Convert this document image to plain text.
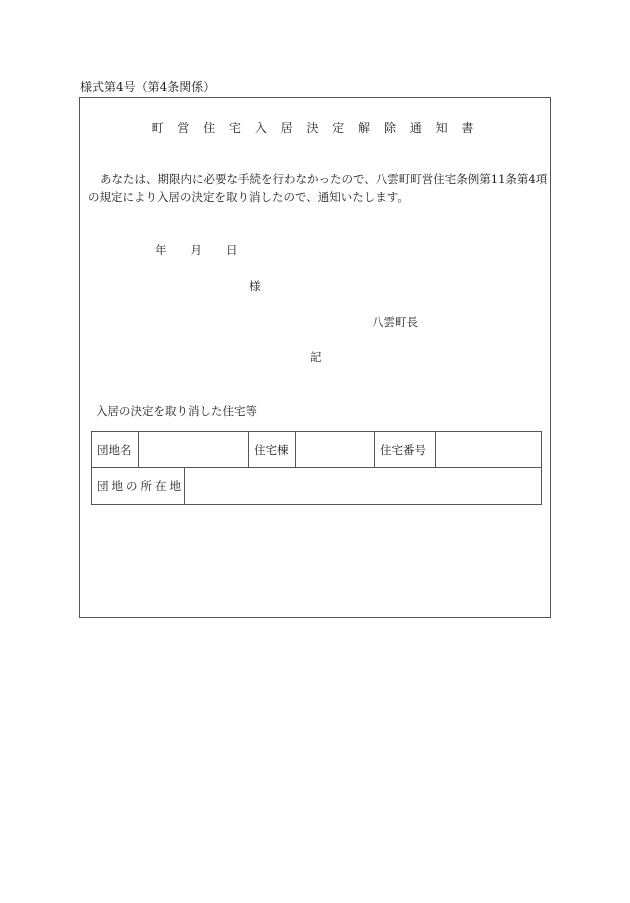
様式第4号（第4条関係）
町 営 住 宅 入 居 決 定 解 除 通 知 書
あなたは、期限内に必要な手続を行わなかったので、八雲町町営住宅条例第11条第4項の規定により入居の決定を取り消したので、通知いたします。
年 月 日
様
八雲町長
記
入居の決定を取り消した住宅等
団地名		住宅棟		住宅番号	

団地の所在地
